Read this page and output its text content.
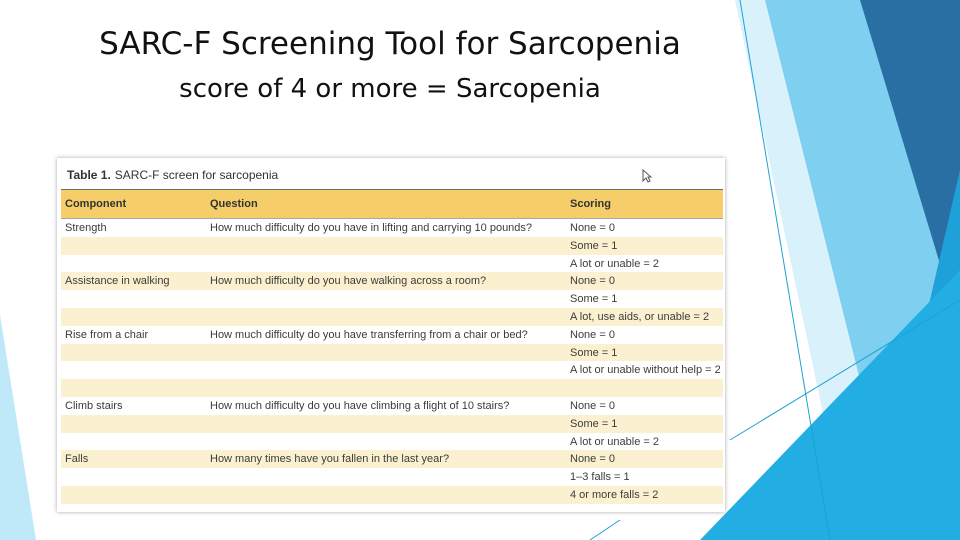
SARC-F Screening Tool for Sarcopenia
score of 4 or more = Sarcopenia
Table 1. SARC-F screen for sarcopenia
Component	Question	Scoring
Strength	How much difficulty do you have in lifting and carrying 10 pounds?	None = 0
Some = 1
A lot or unable = 2
Assistance in walking	How much difficulty do you have walking across a room?	None = 0
Some = 1
A lot, use aids, or unable = 2
Rise from a chair	How much difficulty do you have transferring from a chair or bed?	None = 0
Some = 1
A lot or unable without help = 2
Climb stairs	How much difficulty do you have climbing a flight of 10 stairs?	None = 0
Some = 1
A lot or unable = 2
Falls	How many times have you fallen in the last year?	None = 0
1–3 falls = 1
4 or more falls = 2
